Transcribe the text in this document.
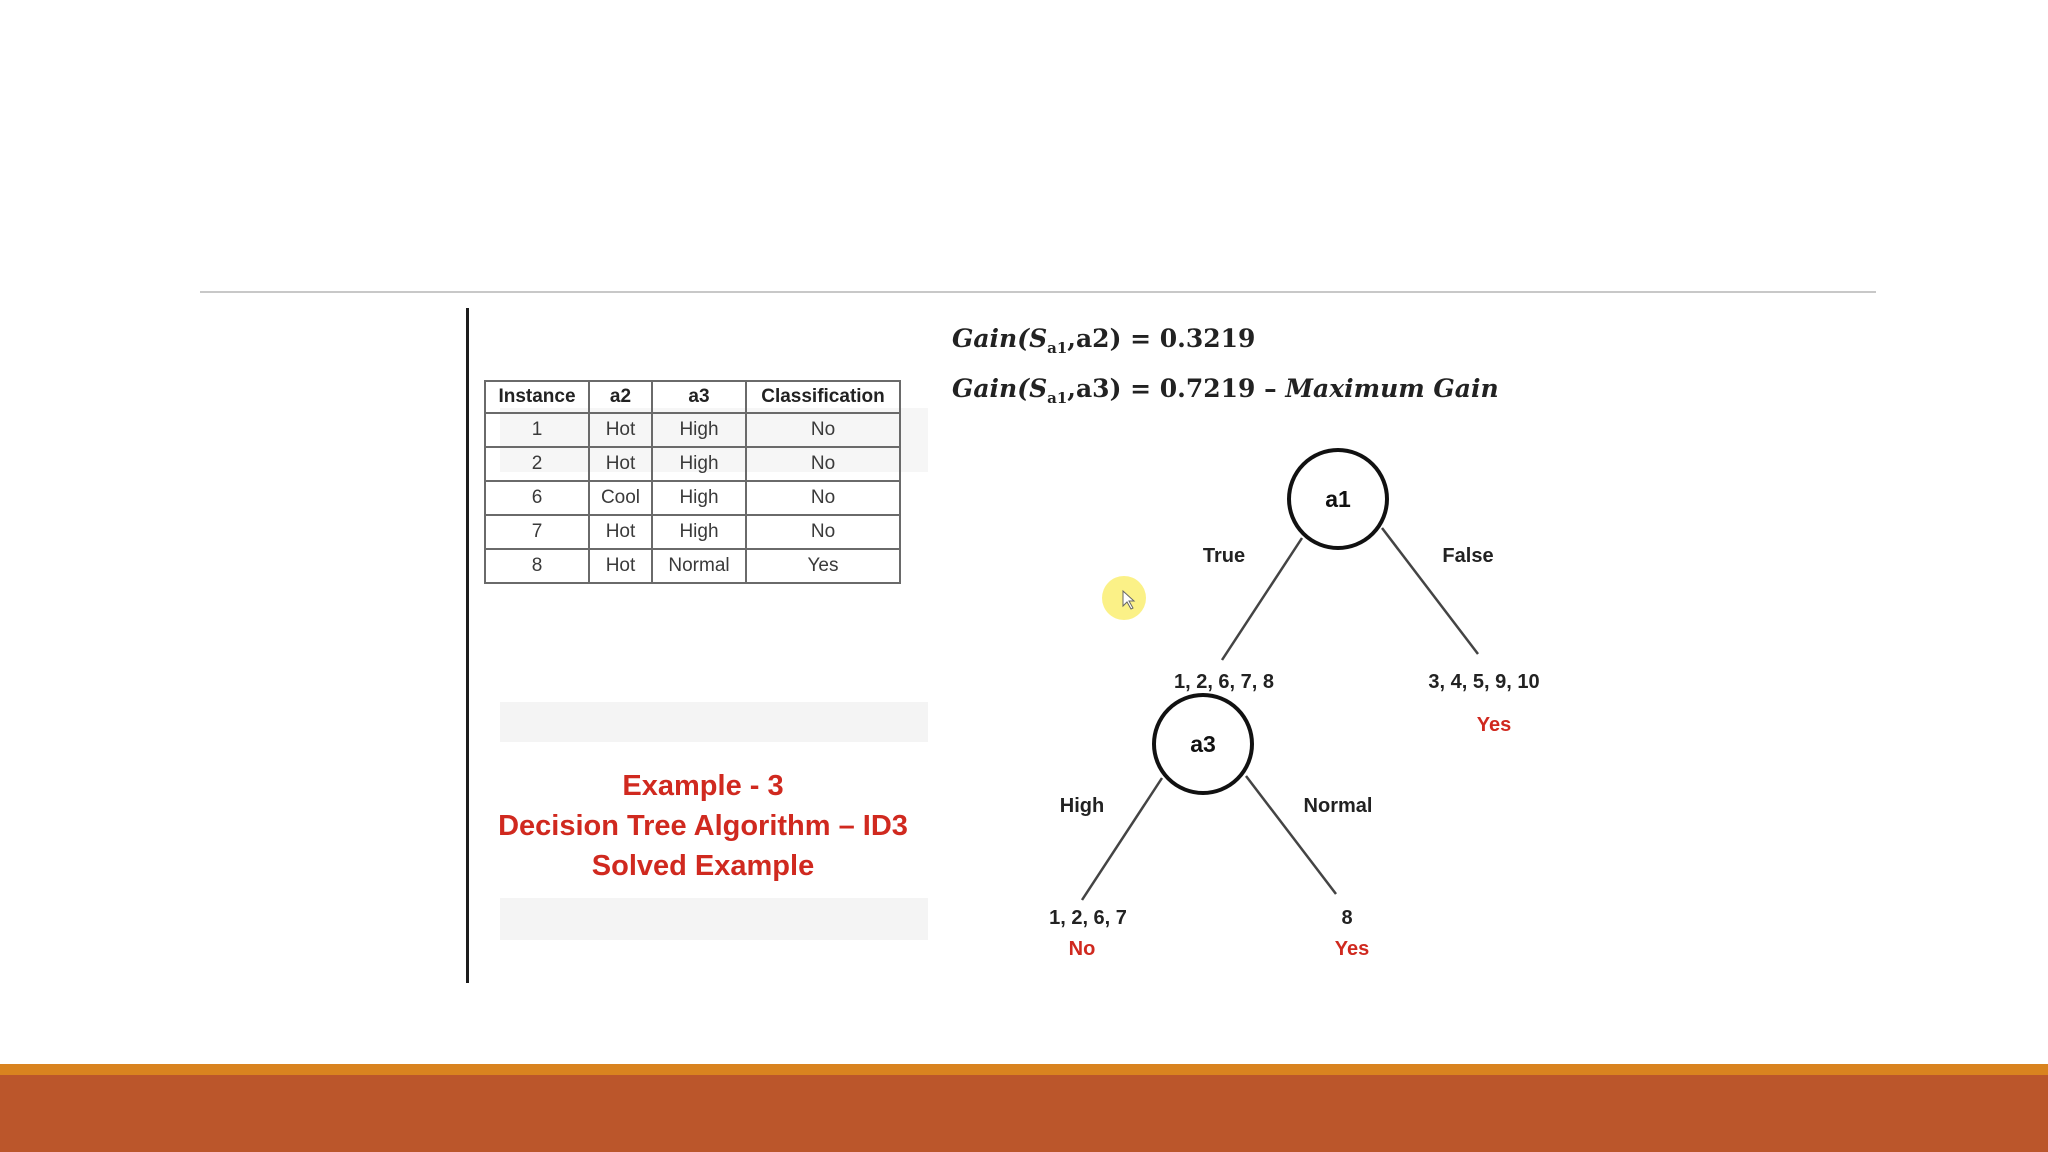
Instance	a2	a3	Classification
1	Hot	High	No
2	Hot	High	No
6	Cool	High	No
7	Hot	High	No
8	Hot	Normal	Yes
Example - 3
Decision Tree Algorithm – ID3
Solved Example
$Gain(S_{a1},a2) = 0.3219$
$Gain(S_{a1},a3) = 0.7219$ – Maximum Gain
a1
a3
True	False
High	Normal
1, 2, 6, 7, 8	3, 4, 5, 9, 10
Yes
1, 2, 6, 7
No
8
Yes
